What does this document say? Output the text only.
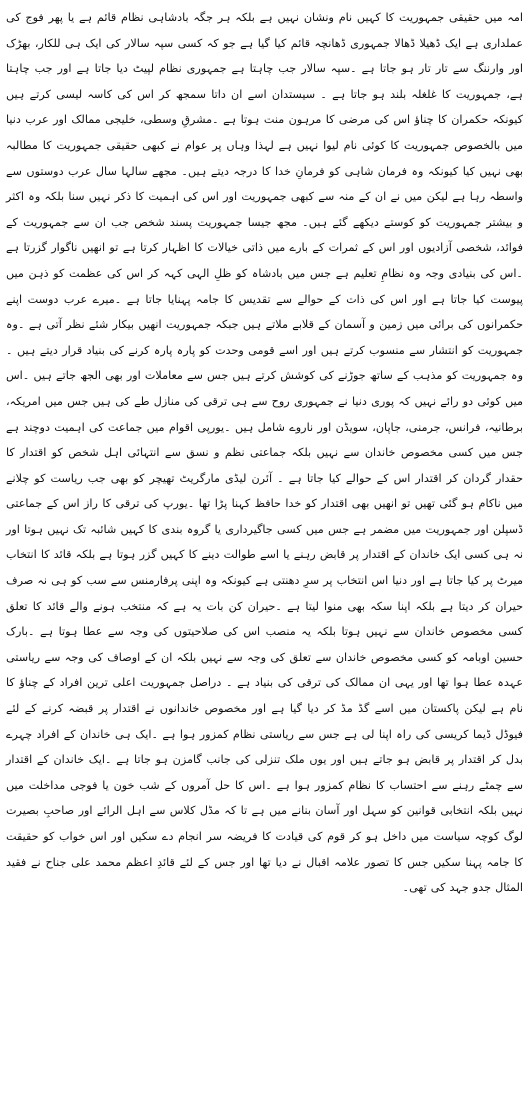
امہ میں حقیقی جمہوریت کا کہیں نام ونشان نہیں ہے بلکہ ہر جگہ بادشاہی نظام قائم ہے یا پھر فوج کی عملداری ہے ایک ڈھیلا ڈھالا جمہوری ڈھانچہ قائم کیا گیا ہے جو کہ کسی سپہ سالار کی ایک ہی للکار، بھڑک اور وارننگ سے تار تار ہو جاتا ہے ۔سپہ سالار جب چاہتا ہے جمہوری نظام لپیٹ دیا جاتا ہے اور جب چاہتا ہے، جمہوریت کا غلغلہ بلند ہو جاتا ہے ۔ سیستدان اسے ان داتا سمجھ کر اس کی کاسہ لیسی کرتے ہیں کیونکہ حکمران کا چناؤ اس کی مرضی کا مرہون منت ہوتا ہے ۔مشرقِ وسطی، خلیجی ممالک اور عرب دنیا میں بالخصوص جمہوریت کا کوئی نام لیوا نہیں ہے لہذا وہاں پر عوام نے کبھی حقیقی جمہوریت کا مطالبہ بھی نہیں کیا کیونکہ وہ فرمان شاہی کو فرمانِ خدا کا درجہ دیتے ہیں۔ مجھے سالہا سال عرب دوستوں سے واسطہ رہا ہے لیکن میں نے ان کے منہ سے کبھی جمہوریت اور اس کی اہمیت کا ذکر نہیں سنا بلکہ وہ اکثر و بیشتر جمہوریت کو کوستے دیکھے گئے ہیں۔ مجھ جیسا جمہوریت پسند شخص جب ان سے جمہوریت کے فوائد، شخصی آزادیوں اور اس کے ثمرات کے بارے میں ذاتی خیالات کا اظہار کرتا ہے تو انھیں ناگوار گزرتا ہے ۔اس کی بنیادی وجہ وہ نظامِ تعلیم ہے جس میں بادشاہ کو ظلِ الہی کہہ کر اس کی عظمت کو ذہن میں پیوست کیا جاتا ہے اور اس کی ذات کے حوالے سے تقدیس کا جامہ پہنایا جاتا ہے ۔میرے عرب دوست اپنے حکمرانوں کی برائی میں زمین و آسمان کے قلابے ملاتے ہیں جبکہ جمہوریت انھیں بیکار شئے نظر آتی ہے ۔وہ جمہوریت کو انتشار سے منسوب کرتے ہیں اور اسے قومی وحدت کو پارہ پارہ کرنے کی بنیاد قرار دیتے ہیں ۔وہ جمہوریت کو مذہب کے ساتھ جوڑنے کی کوشش کرتے ہیں جس سے معاملات اور بھی الجھ جاتے ہیں ۔اس میں کوئی دو رائے نہیں کہ پوری دنیا نے جمہوری روح سے ہی ترقی کی منازل طے کی ہیں جس میں امریکہ، برطانیہ، فرانس، جرمنی، جاپان، سویڈن اور ناروے شامل ہیں ۔یورپی اقوام میں جماعت کی اہمیت دوچند ہے جس میں کسی مخصوص خاندان سے نہیں بلکہ جماعتی نظم و نسق سے انتہائی اہل شخص کو اقتدار کا حقدار گردان کر اقتدار اس کے حوالے کیا جاتا ہے ۔ آئرن لیڈی مارگریٹ تھیچر کو بھی جب ریاست کو چلانے میں ناکام ہو گئی تھیں تو انھیں بھی اقتدار کو خدا حافظ کہنا پڑا تھا ۔یورپ کی ترقی کا راز اس کے جماعتی ڈسپلن اور جمہوریت میں مضمر ہے جس میں کسی جاگیرداری یا گروہ بندی کا کہیں شائبہ تک نہیں ہوتا اور نہ ہی کسی ایک خاندان کے اقتدار پر قابض رہنے یا اسے طوالت دینے کا کہیں گزر ہوتا ہے بلکہ قائد کا انتخاب میرٹ پر کیا جاتا ہے اور دنیا اس انتخاب پر سرِ دھنتی ہے کیونکہ وہ اپنی پرفارمنس سے سب کو ہی نہ صرف حیران کر دیتا ہے بلکہ اپنا سکہ بھی منوا لیتا ہے ۔حیران کن بات یہ ہے کہ منتخب ہونے والے قائد کا تعلق کسی مخصوص خاندان سے نہیں ہوتا بلکہ یہ منصب اس کی صلاحیتوں کی وجہ سے عطا ہوتا ہے ۔بارک حسین اوبامہ کو کسی مخصوص خاندان سے تعلق کی وجہ سے نہیں بلکہ ان کے اوصاف کی وجہ سے ریاستی عہدہ عطا ہوا تھا اور یہی ان ممالک کی ترقی کی بنیاد ہے ۔ دراصل جمہوریت اعلی ترین افراد کے چناؤ کا نام ہے لیکن پاکستان میں اسے گڈ مڈ کر دیا گیا ہے اور مخصوص خاندانوں نے اقتدار پر قبضہ کرنے کے لئے فیوڈل ڈیما کریسی کی راہ اپنا لی ہے جس سے ریاستی نظام کمزور ہوا ہے ۔ایک ہی خاندان کے افراد چہرے بدل کر اقتدار پر قابض ہو جاتے ہیں اور یوں ملک تنزلی کی جانب گامزن ہو جاتا ہے ۔ایک خاندان کے اقتدار سے چمٹے رہنے سے احتساب کا نظام کمزور ہوا ہے ۔اس کا حل آمروں کے شب خون یا فوجی مداخلت میں نہیں بلکہ انتخابی قوانین کو سہل اور آسان بنانے میں ہے تا کہ مڈل کلاس سے اہل الرائے اور صاحبِ بصیرت لوگ کوچہ سیاست میں داخل ہو کر قوم کی قیادت کا فریضہ سر انجام دے سکیں اور اس خواب کو حقیقت کا جامہ پہنا سکیں جس کا تصور علامہ اقبال نے دیا تھا اور جس کے لئے قائدِ اعظم محمد علی جناح نے فقید المثال جدو جہد کی تھی۔
